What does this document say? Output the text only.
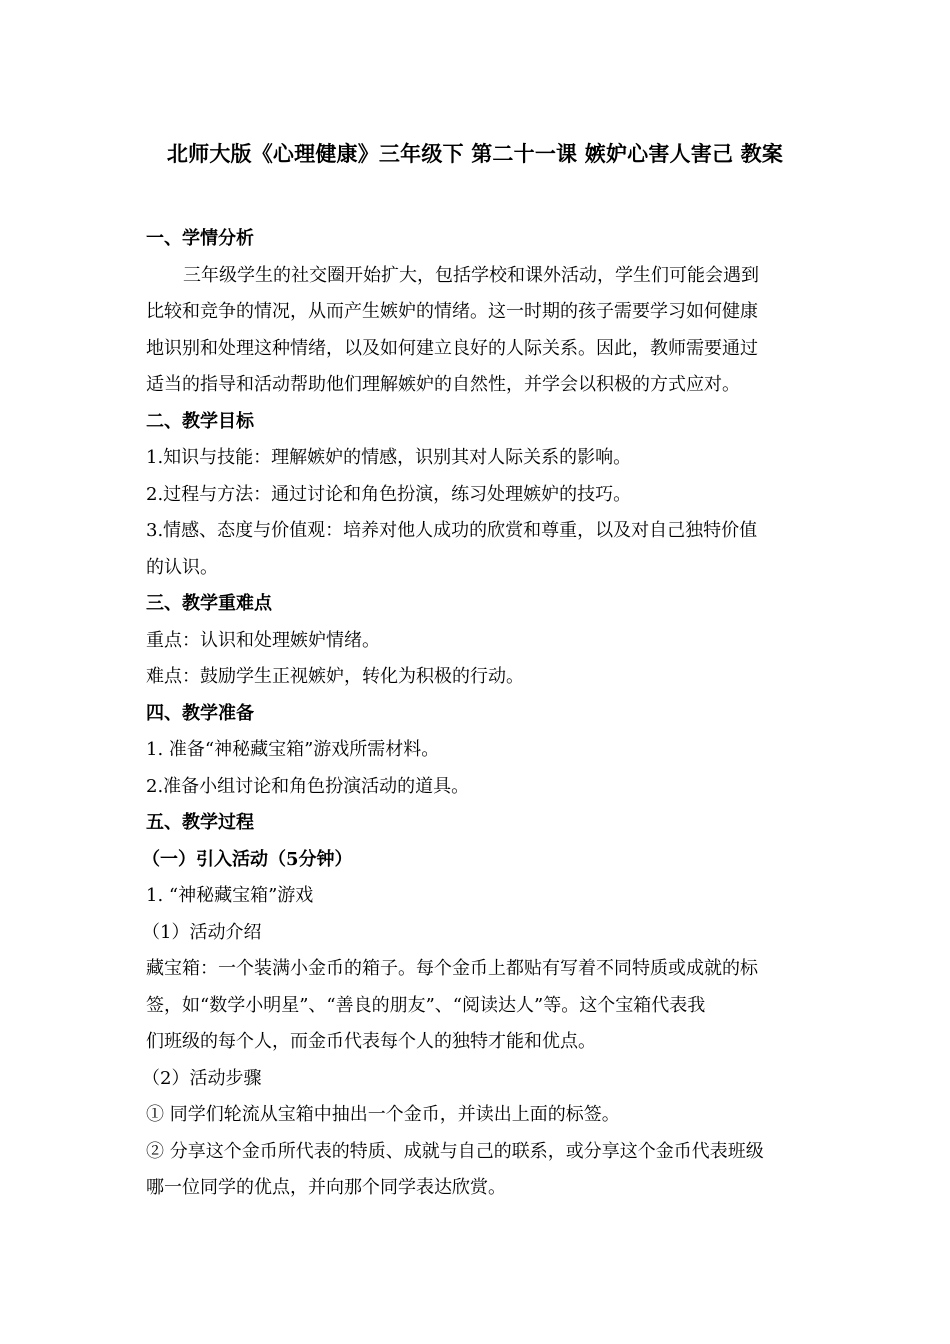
北师大版《心理健康》三年级下 第二十一课 嫉妒心害人害己 教案
一、学情分析
三年级学生的社交圈开始扩大，包括学校和课外活动，学生们可能会遇到
比较和竞争的情况，从而产生嫉妒的情绪。这一时期的孩子需要学习如何健康
地识别和处理这种情绪，以及如何建立良好的人际关系。因此，教师需要通过
适当的指导和活动帮助他们理解嫉妒的自然性，并学会以积极的方式应对。
二、教学目标
1.知识与技能：理解嫉妒的情感，识别其对人际关系的影响。
2.过程与方法：通过讨论和角色扮演，练习处理嫉妒的技巧。
3.情感、态度与价值观：培养对他人成功的欣赏和尊重，以及对自己独特价值
的认识。
三、教学重难点
重点：认识和处理嫉妒情绪。
难点：鼓励学生正视嫉妒，转化为积极的行动。
四、教学准备
1. 准备“神秘藏宝箱”游戏所需材料。
2.准备小组讨论和角色扮演活动的道具。
五、教学过程
（一）引入活动（5分钟）
1. “神秘藏宝箱”游戏
（1）活动介绍
藏宝箱：一个装满小金币的箱子。每个金币上都贴有写着不同特质或成就的标
签，如“数学小明星”、“善良的朋友”、“阅读达人”等。这个宝箱代表我
们班级的每个人，而金币代表每个人的独特才能和优点。
（2）活动步骤
① 同学们轮流从宝箱中抽出一个金币，并读出上面的标签。
② 分享这个金币所代表的特质、成就与自己的联系，或分享这个金币代表班级
哪一位同学的优点，并向那个同学表达欣赏。
